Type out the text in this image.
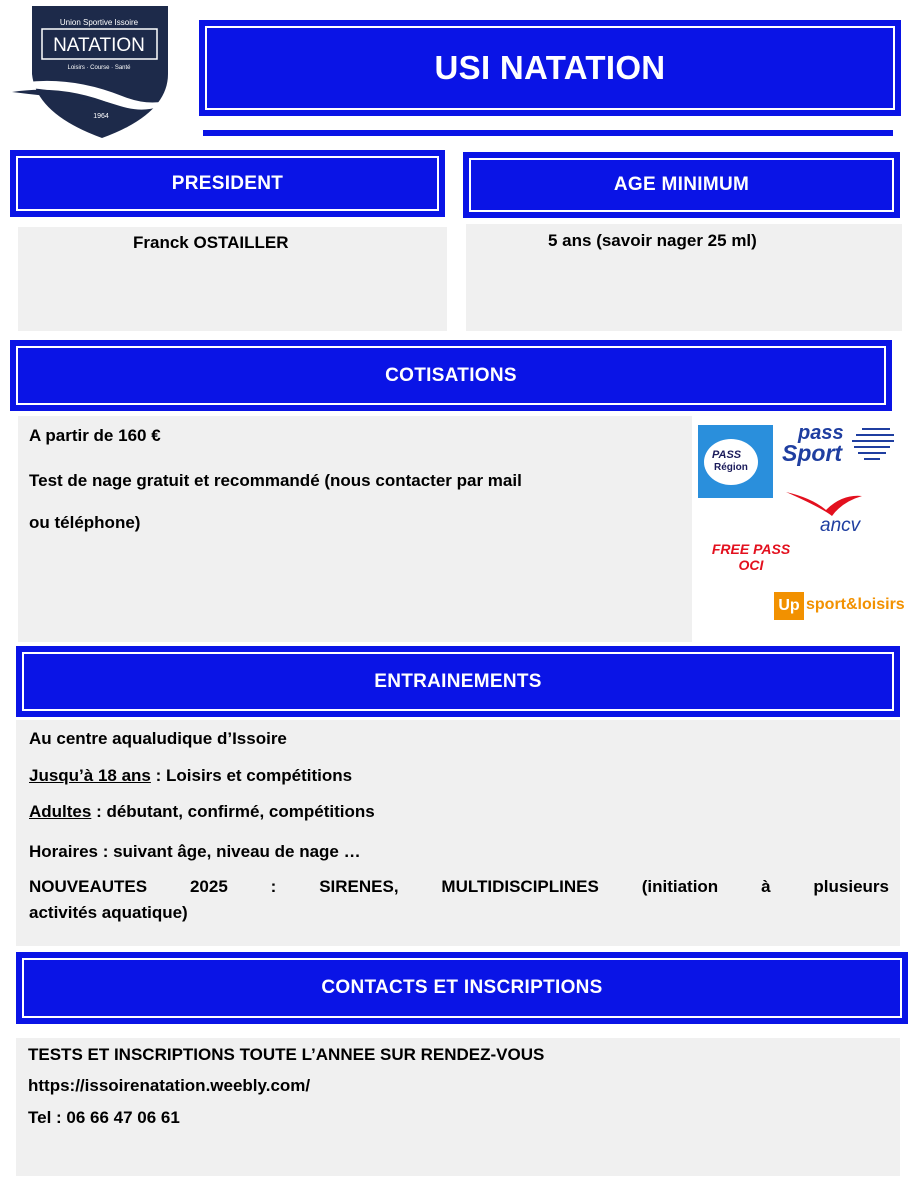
Union Sportive Issoire
NATATION
Loisirs · Course · Santé
1964
USI NATATION
PRESIDENT
Franck OSTAILLER
AGE MINIMUM
5 ans (savoir nager 25 ml)
COTISATIONS
A partir de 160 €
Test de nage gratuit et recommandé (nous contacter par mail
ou téléphone)
PASS
Région
pass
Sport
ancv
FREE PASS
OCI
Up sport&loisirs
ENTRAINEMENTS
Au centre aqualudique d’Issoire
Jusqu’à 18 ans : Loisirs et compétitions
Adultes : débutant, confirmé, compétitions
Horaires : suivant âge, niveau de nage …
NOUVEAUTES 2025 : SIRENES, MULTIDISCIPLINES (initiation à plusieurs
activités aquatique)
CONTACTS ET INSCRIPTIONS
TESTS ET INSCRIPTIONS TOUTE L’ANNEE SUR RENDEZ-VOUS
https://issoirenatation.weebly.com/
Tel : 06 66 47 06 61
